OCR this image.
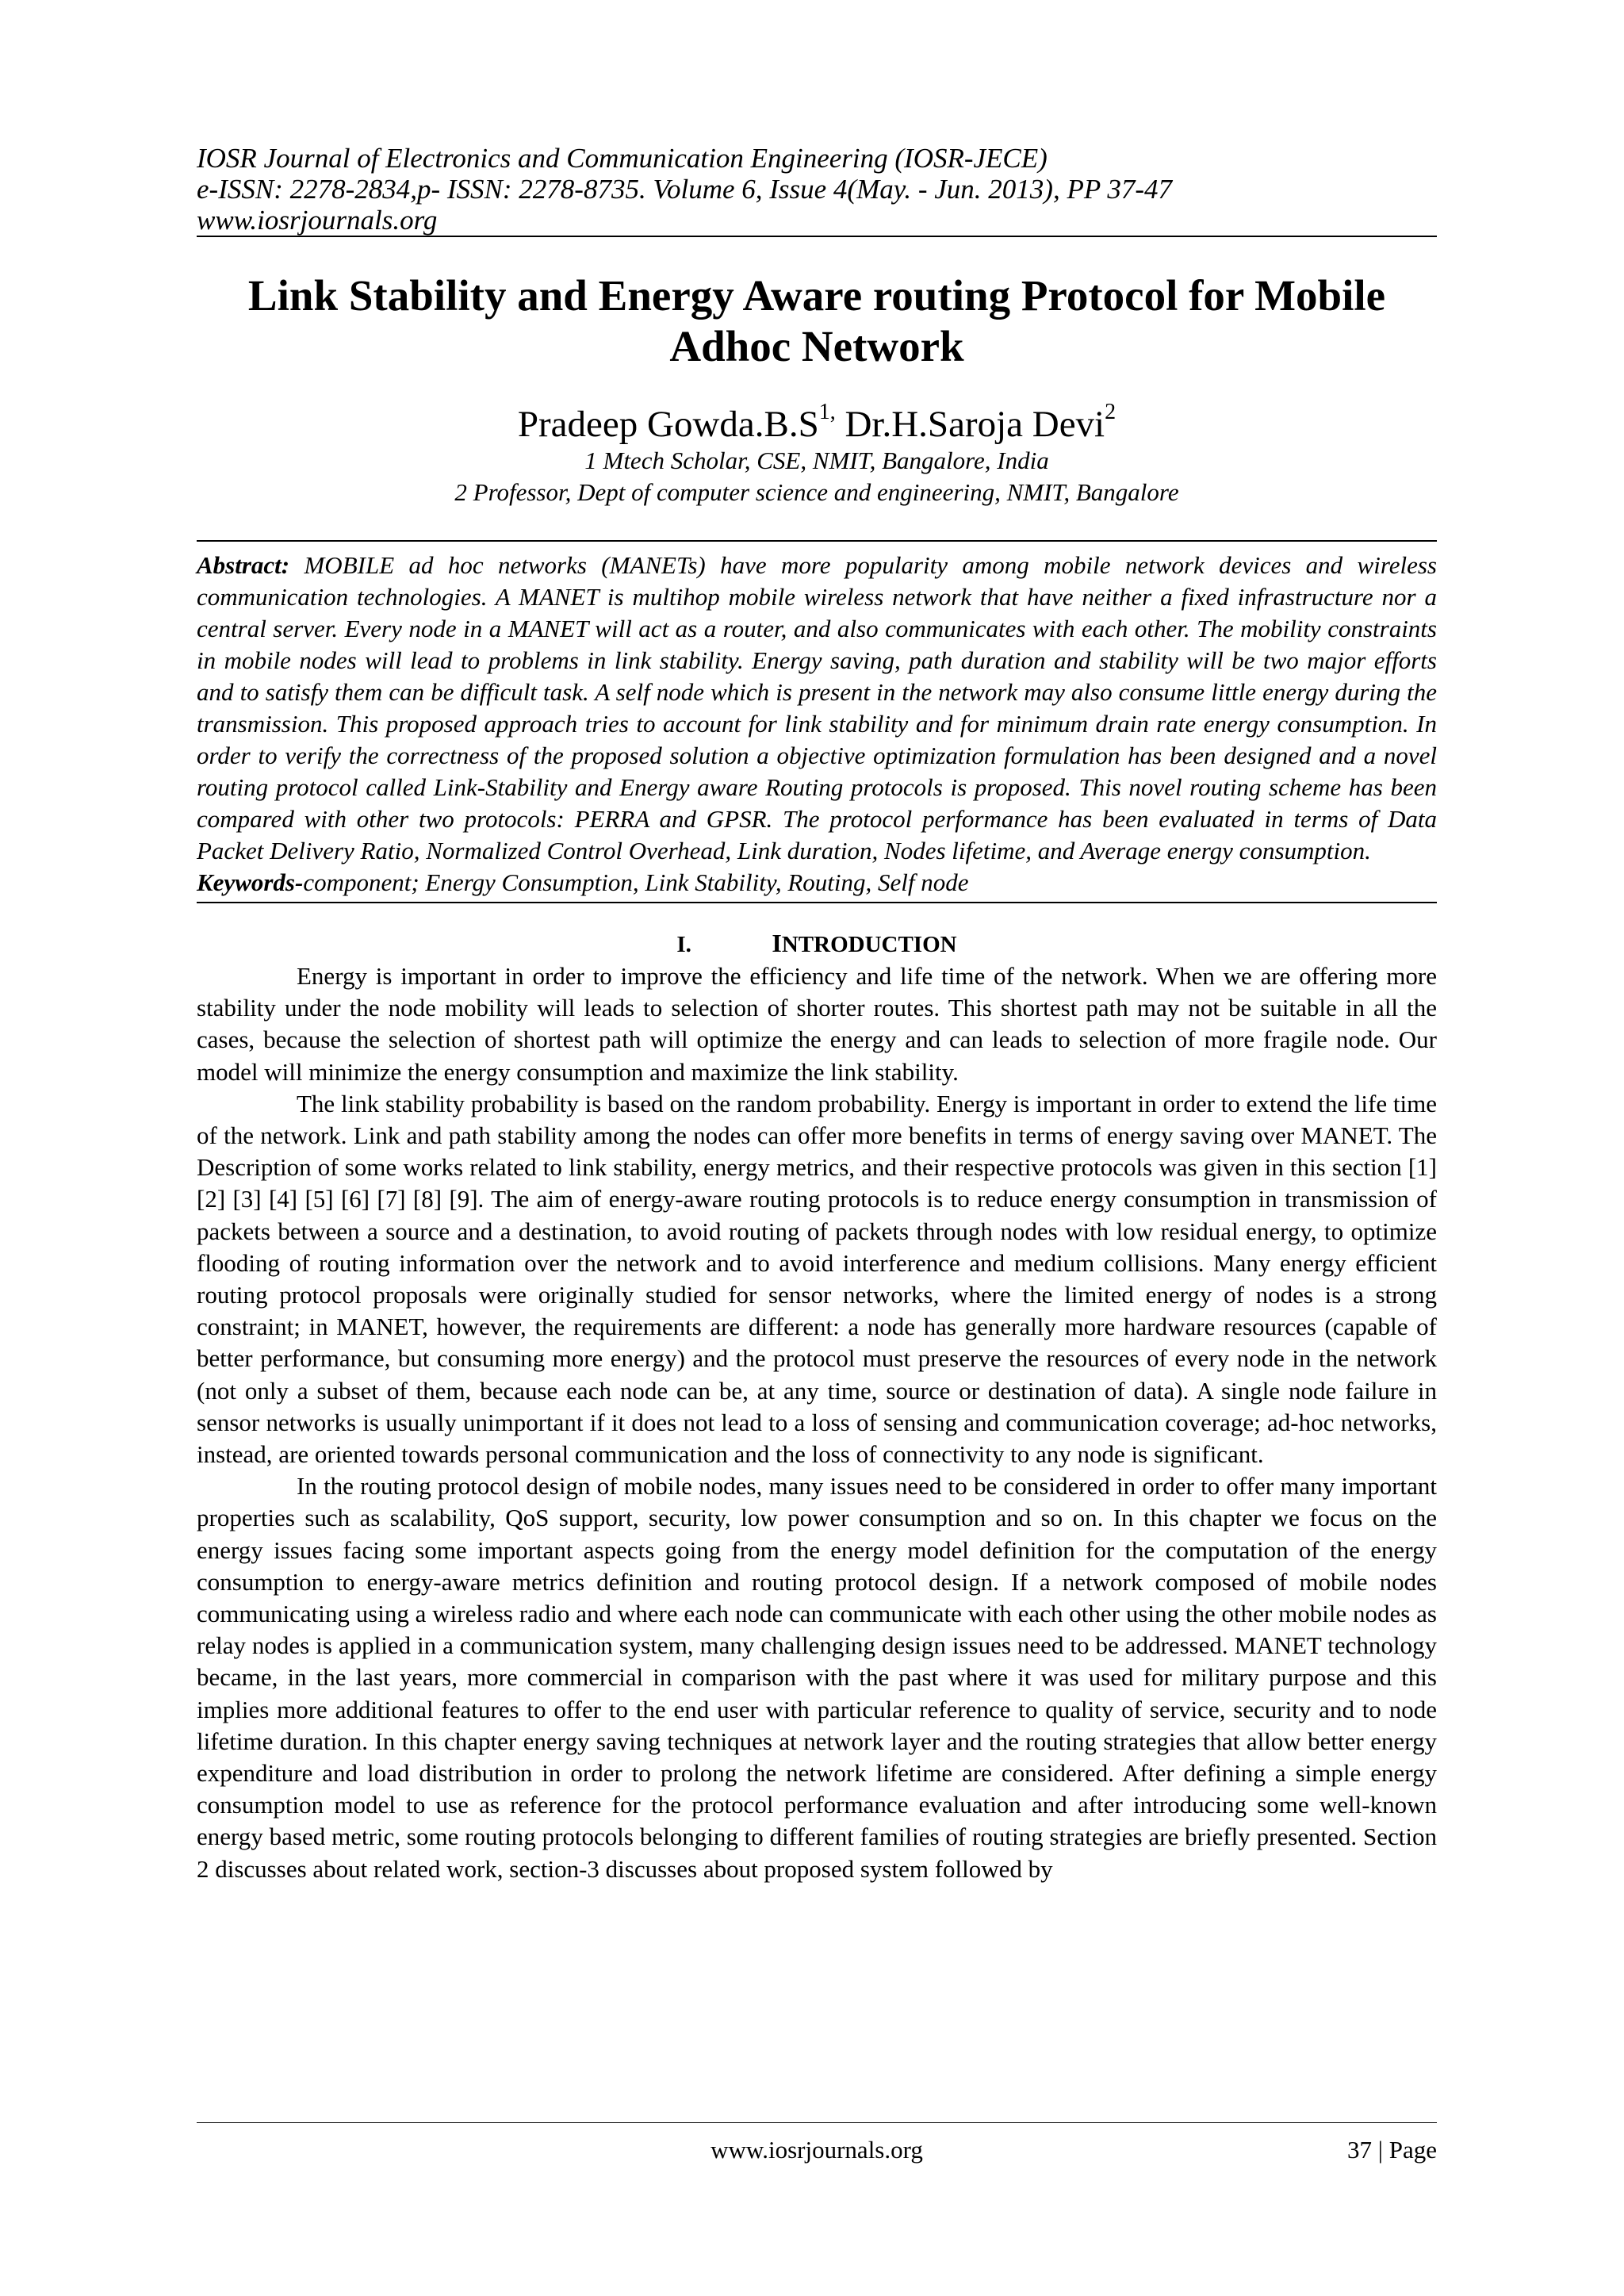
IOSR Journal of Electronics and Communication Engineering (IOSR-JECE)
e-ISSN: 2278-2834,p- ISSN: 2278-8735. Volume 6, Issue 4(May. - Jun. 2013), PP 37-47
www.iosrjournals.org
Link Stability and Energy Aware routing Protocol for Mobile Adhoc Network
Pradeep $Gowda.B.S^{1,}$ Dr.H.Saroja Devi$^2$
1 Mtech Scholar, CSE, NMIT, Bangalore, India
2 Professor, Dept of computer science and engineering, NMIT, Bangalore
Abstract: MOBILE ad hoc networks (MANETs) have more popularity among mobile network devices and wireless communication technologies. A MANET is multihop mobile wireless network that have neither a fixed infrastructure nor a central server. Every node in a MANET will act as a router, and also communicates with each other. The mobility constraints in mobile nodes will lead to problems in link stability. Energy saving, path duration and stability will be two major efforts and to satisfy them can be difficult task. A self node which is present in the network may also consume little energy during the transmission. This proposed approach tries to account for link stability and for minimum drain rate energy consumption. In order to verify the correctness of the proposed solution a objective optimization formulation has been designed and a novel routing protocol called Link-Stability and Energy aware Routing protocols is proposed. This novel routing scheme has been compared with other two protocols: PERRA and GPSR. The protocol performance has been evaluated in terms of Data Packet Delivery Ratio, Normalized Control Overhead, Link duration, Nodes lifetime, and Average energy consumption.
Keywords-component; Energy Consumption, Link Stability, Routing, Self node
I.	INTRODUCTION

Energy is important in order to improve the efficiency and life time of the network. When we are offering more stability under the node mobility will leads to selection of shorter routes. This shortest path may not be suitable in all the cases, because the selection of shortest path will optimize the energy and can leads to selection of more fragile node. Our model will minimize the energy consumption and maximize the link stability.

The link stability probability is based on the random probability. Energy is important in order to extend the life time of the network. Link and path stability among the nodes can offer more benefits in terms of energy saving over MANET. The Description of some works related to link stability, energy metrics, and their respective protocols was given in this section [1] [2] [3] [4] [5] [6] [7] [8] [9]. The aim of energy-aware routing protocols is to reduce energy consumption in transmission of packets between a source and a destination, to avoid routing of packets through nodes with low residual energy, to optimize flooding of routing information over the network and to avoid interference and medium collisions. Many energy efficient routing protocol proposals were originally studied for sensor networks, where the limited energy of nodes is a strong constraint; in MANET, however, the requirements are different: a node has generally more hardware resources (capable of better performance, but consuming more energy) and the protocol must preserve the resources of every node in the network (not only a subset of them, because each node can be, at any time, source or destination of data). A single node failure in sensor networks is usually unimportant if it does not lead to a loss of sensing and communication coverage; ad-hoc networks, instead, are oriented towards personal communication and the loss of connectivity to any node is significant.

In the routing protocol design of mobile nodes, many issues need to be considered in order to offer many important properties such as scalability, QoS support, security, low power consumption and so on. In this chapter we focus on the energy issues facing some important aspects going from the energy model definition for the computation of the energy consumption to energy-aware metrics definition and routing protocol design. If a network composed of mobile nodes communicating using a wireless radio and where each node can communicate with each other using the other mobile nodes as relay nodes is applied in a communication system, many challenging design issues need to be addressed. MANET technology became, in the last years, more commercial in comparison with the past where it was used for military purpose and this implies more additional features to offer to the end user with particular reference to quality of service, security and to node lifetime duration. In this chapter energy saving techniques at network layer and the routing strategies that allow better energy expenditure and load distribution in order to prolong the network lifetime are considered. After defining a simple energy consumption model to use as reference for the protocol performance evaluation and after introducing some well-known energy based metric, some routing protocols belonging to different families of routing strategies are briefly presented. Section 2 discusses about related work, section-3 discusses about proposed system followed by

www.iosrjournals.org	37 | Page
